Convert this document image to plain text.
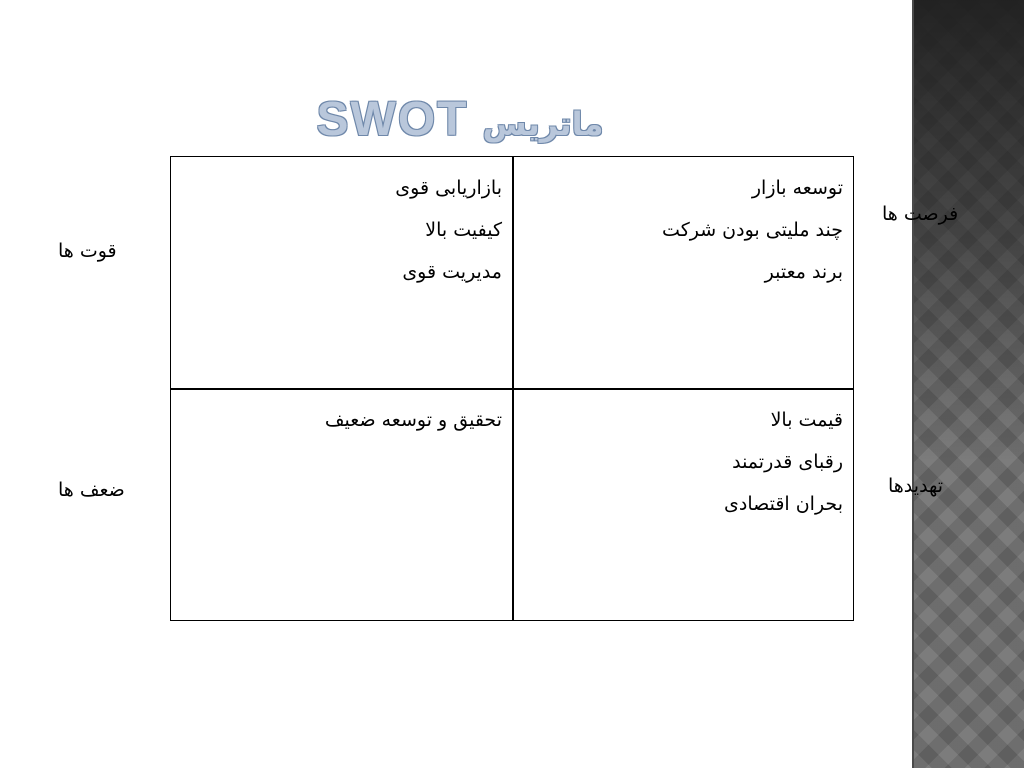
SWOT ماتریس
بازاریابی قوی
کیفیت بالا
مدیریت قوی
توسعه بازار
چند ملیتی بودن شرکت
برند معتبر
تحقیق و توسعه ضعیف	قیمت بالا
رقبای قدرتمند
بحران اقتصادی
قوت ها
ضعف ها
فرصت ها
تهدیدها
